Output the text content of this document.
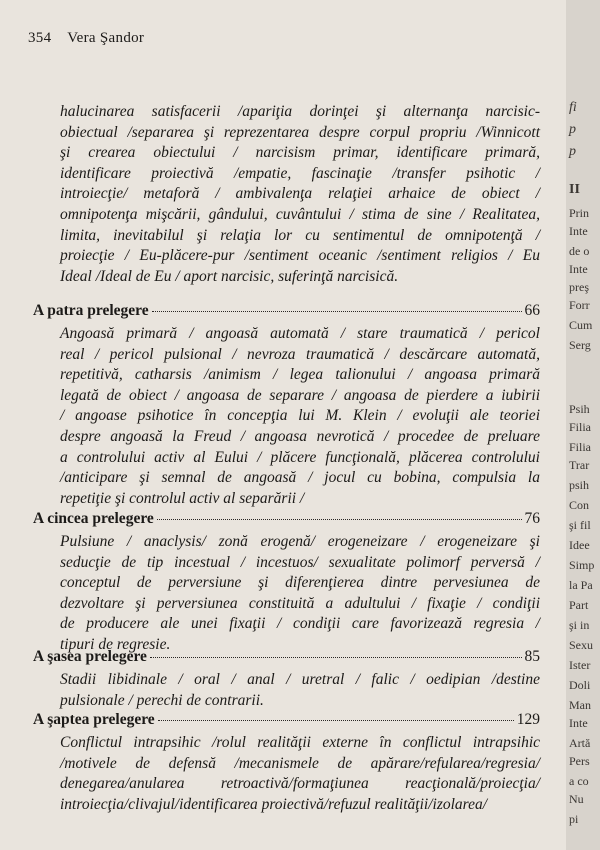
354 Vera Şandor
halucinarea satisfacerii /apariţia dorinţei şi alternanţa narcisic-
obiectual /separarea şi reprezentarea despre corpul propriu /Winnicott
şi crearea obiectului / narcisism primar, identificare primară,
identificare proiectivă /empatie, fascinaţie /transfer psihotic /
introiecţie/ metaforă / ambivalenţa relaţiei arhaice de obiect /
omnipotenţa mişcării, gândului, cuvântului / stima de sine / Realitatea,
limita, inevitabilul şi relaţia lor cu sentimentul de omnipotenţă /
proiecţie / Eu-plăcere-pur /sentiment oceanic /sentiment religios / Eu
Ideal /Ideal de Eu / aport narcisic, suferinţă narcisică.
A patra prelegere	66
Angoasă primară / angoasă automată / stare traumatică / pericol
real / pericol pulsional / nevroza traumatică / descărcare automată,
repetitivă, catharsis /animism / legea talionului / angoasa primară
legată de obiect / angoasa de separare / angoasa de pierdere a iubirii
/ angoase psihotice în concepţia lui M. Klein / evoluţii ale teoriei
despre angoasă la Freud / angoasa nevrotică / procedee de preluare
a controlului activ al Eului / plăcere funcţională, plăcerea controlului
/anticipare şi semnal de angoasă / jocul cu bobina, compulsia la
repetiţie şi controlul activ al separării /
A cincea prelegere	76
Pulsiune / anaclysis/ zonă erogenă/ erogeneizare / erogeneizare şi
seducţie de tip incestual / incestuos/ sexualitate polimorf perversă /
conceptul de perversiune şi diferenţierea dintre pervesiunea de
dezvoltare şi perversiunea constituită a adultului / fixaţie / condiţii
de producere ale unei fixaţii / condiţii care favorizează regresia /
tipuri de regresie.
A şasea prelegere	85
Stadii libidinale / oral / anal / uretral / falic / oedipian /destine
pulsionale / perechi de contrarii.
A şaptea prelegere	129
Conflictul intrapsihic /rolul realităţii externe în conflictul intrapsihic
/motivele de defensă /mecanismele de apărare/refularea/regresia/
denegarea/anularea retroactivă/formaţiunea reacţională/proiecţia/
introiecţia/clivajul/identificarea proiectivă/refuzul realităţii/izolarea/
fi
p
p
II
Prin
Inte
de o
Inte
preş
Forr
Cum
Serg
Psih
Filia
Filia
Trar
psih
Con
şi fil
Idee
Simp
la Pa
Part
şi in
Sexu
Ister
Doli
Man
Inte
Artă
Pers
a co
Nu
pi
